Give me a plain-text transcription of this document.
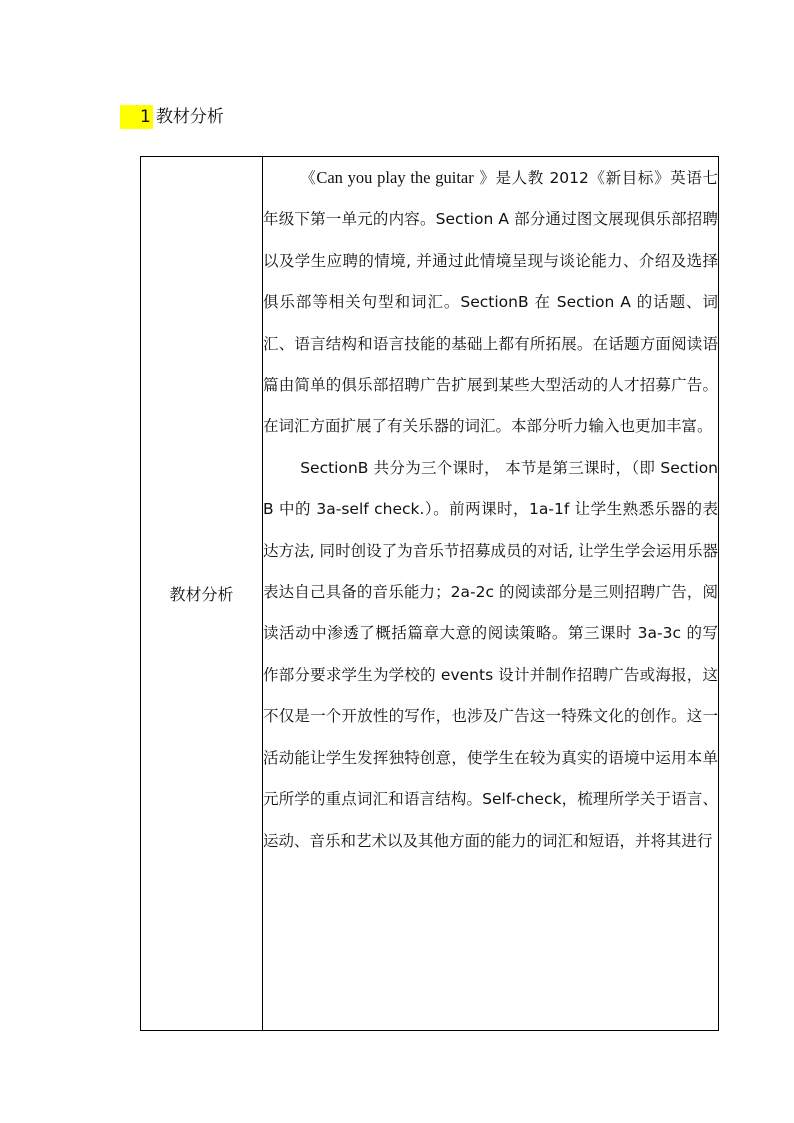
1 教材分析
教材分析	

《Can you play the guitar 》是人教 2012《新目标》英语七年级下第一单元的内容。Section A 部分通过图文展现俱乐部招聘以及学生应聘的情境, 并通过此情境呈现与谈论能力、介绍及选择俱乐部等相关句型和词汇。SectionB 在 Section A 的话题、词汇、语言结构和语言技能的基础上都有所拓展。在话题方面阅读语篇由简单的俱乐部招聘广告扩展到某些大型活动的人才招募广告。在词汇方面扩展了有关乐器的词汇。本部分听力输入也更加丰富。

SectionB 共分为三个课时， 本节是第三课时，（即 Section B 中的 3a-self check.）。前两课时，1a-1f 让学生熟悉乐器的表达方法, 同时创设了为音乐节招募成员的对话, 让学生学会运用乐器表达自己具备的音乐能力；2a-2c 的阅读部分是三则招聘广告，阅读活动中渗透了概括篇章大意的阅读策略。第三课时 3a-3c 的写作部分要求学生为学校的 events 设计并制作招聘广告或海报，这不仅是一个开放性的写作，也涉及广告这一特殊文化的创作。这一活动能让学生发挥独特创意，使学生在较为真实的语境中运用本单元所学的重点词汇和语言结构。Self-check，梳理所学关于语言、运动、音乐和艺术以及其他方面的能力的词汇和短语，并将其进行
